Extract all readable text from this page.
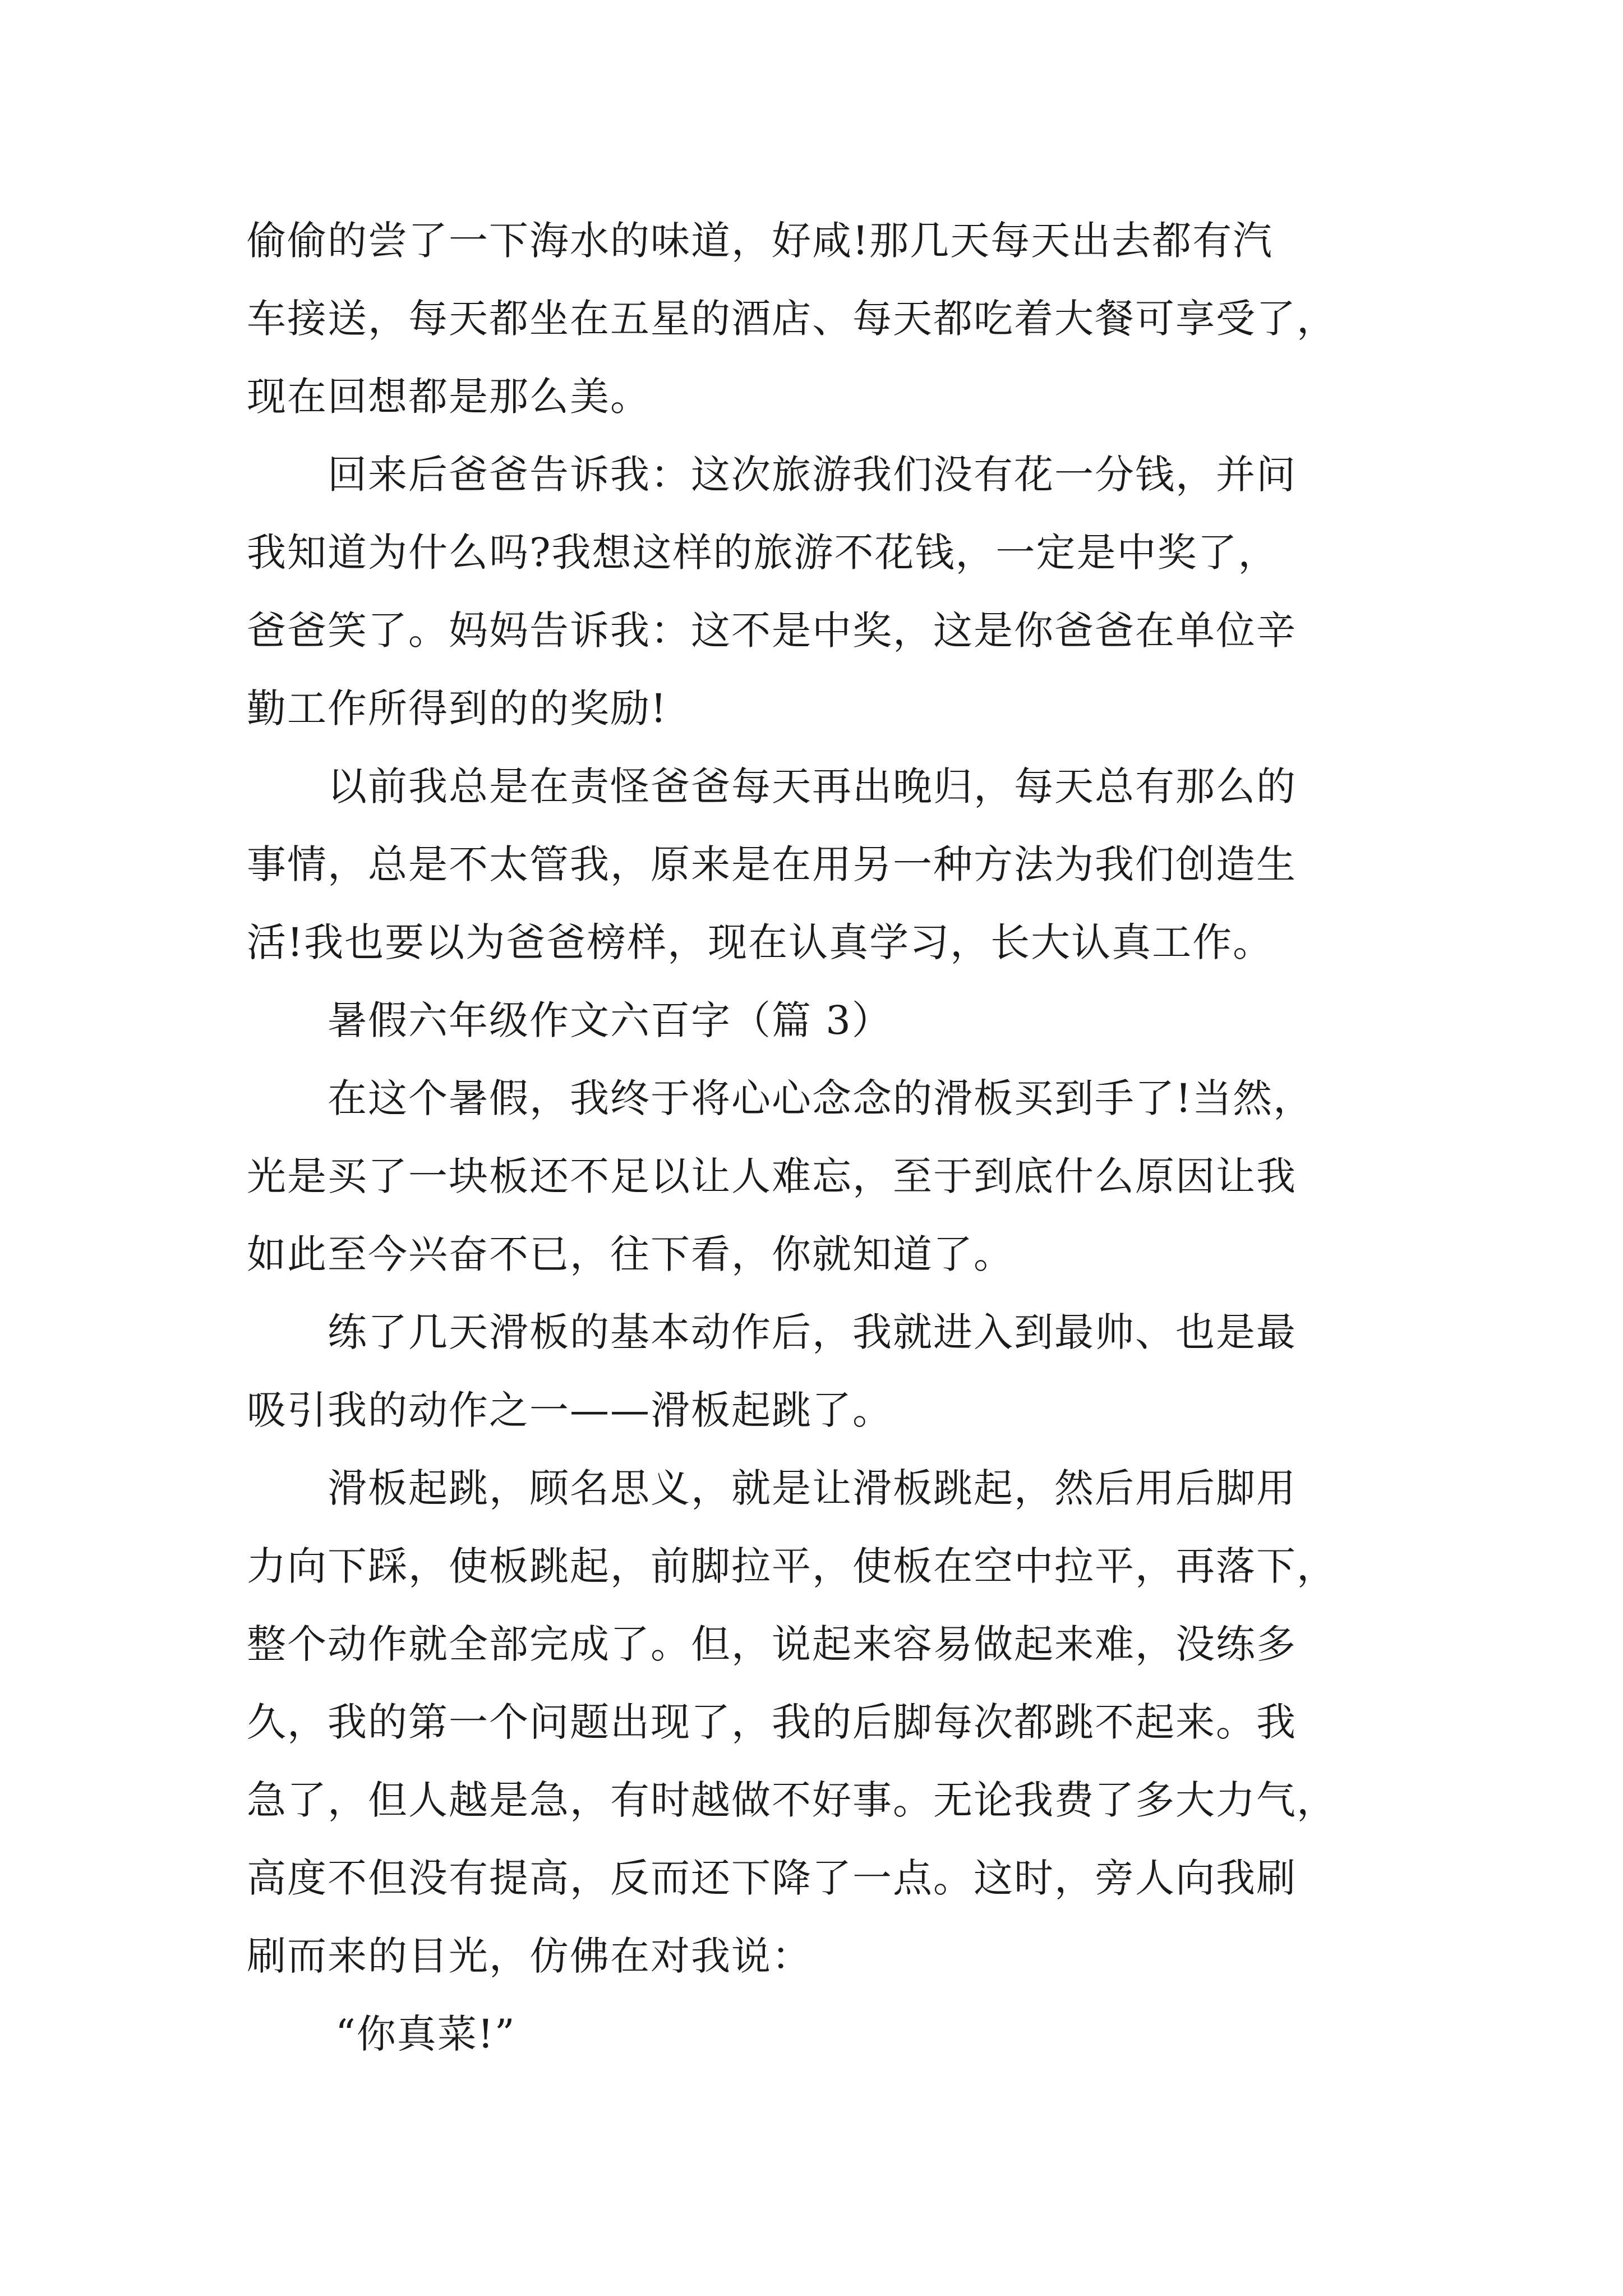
偷偷的尝了一下海水的味道，好咸!那几天每天出去都有汽
车接送，每天都坐在五星的酒店、每天都吃着大餐可享受了，
现在回想都是那么美。
回来后爸爸告诉我：这次旅游我们没有花一分钱，并问
我知道为什么吗?我想这样的旅游不花钱，一定是中奖了，
爸爸笑了。妈妈告诉我：这不是中奖，这是你爸爸在单位辛
勤工作所得到的的奖励!
以前我总是在责怪爸爸每天再出晚归，每天总有那么的
事情，总是不太管我，原来是在用另一种方法为我们创造生
活!我也要以为爸爸榜样，现在认真学习，长大认真工作。
暑假六年级作文六百字（篇 3）
在这个暑假，我终于将心心念念的滑板买到手了!当然，
光是买了一块板还不足以让人难忘，至于到底什么原因让我
如此至今兴奋不已，往下看，你就知道了。
练了几天滑板的基本动作后，我就进入到最帅、也是最
吸引我的动作之一——滑板起跳了。
滑板起跳，顾名思义，就是让滑板跳起，然后用后脚用
力向下踩，使板跳起，前脚拉平，使板在空中拉平，再落下，
整个动作就全部完成了。但，说起来容易做起来难，没练多
久，我的第一个问题出现了，我的后脚每次都跳不起来。我
急了，但人越是急，有时越做不好事。无论我费了多大力气，
高度不但没有提高，反而还下降了一点。这时，旁人向我刷
刷而来的目光，仿佛在对我说：
“你真菜!”
